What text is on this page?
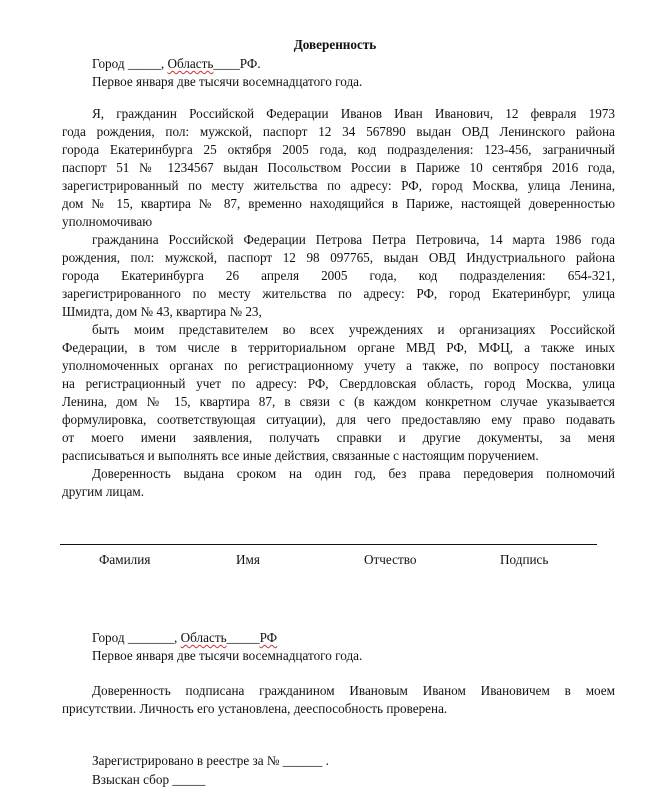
Доверенность
Город _____, Область____РФ.
Первое января две тысячи восемнадцатого года.
Я, гражданин Российской Федерации Иванов Иван Иванович, 12 февраля 1973
года рождения, пол: мужской, паспорт 12 34 567890 выдан ОВД Ленинского района
города Екатеринбурга 25 октября 2005 года, код подразделения: 123-456, заграничный
паспорт 51 № 1234567 выдан Посольством России в Париже 10 сентября 2016 года,
зарегистрированный по месту жительства по адресу: РФ, город Москва, улица Ленина,
дом № 15, квартира № 87, временно находящийся в Париже, настоящей доверенностью
уполномочиваю
гражданина Российской Федерации Петрова Петра Петровича, 14 марта 1986 года
рождения, пол: мужской, паспорт 12 98 097765, выдан ОВД Индустриального района
города Екатеринбурга 26 апреля 2005 года, код подразделения: 654-321,
зарегистрированного по месту жительства по адресу: РФ, город Екатеринбург, улица
Шмидта, дом № 43, квартира № 23,
быть моим представителем во всех учреждениях и организациях Российской
Федерации, в том числе в территориальном органе МВД РФ, МФЦ, а также иных
уполномоченных органах по регистрационному учету а также, по вопросу постановки
на регистрационный учет по адресу: РФ, Свердловская область, город Москва, улица
Ленина, дом № 15, квартира 87, в связи с (в каждом конкретном случае указывается
формулировка, соответствующая ситуации), для чего предоставляю ему право подавать
от моего имени заявления, получать справки и другие документы, за меня
расписываться и выполнять все иные действия, связанные с настоящим поручением.
Доверенность выдана сроком на один год, без права передоверия полномочий
другим лицам.
Фамилия	Имя	Отчество	Подпись
Город _______, Область_____РФ
Первое января две тысячи восемнадцатого года.
Доверенность подписана гражданином Ивановым Иваном Ивановичем в моем
присутствии. Личность его установлена, дееспособность проверена.
Зарегистрировано в реестре за № ______ .
Взыскан сбор _____
